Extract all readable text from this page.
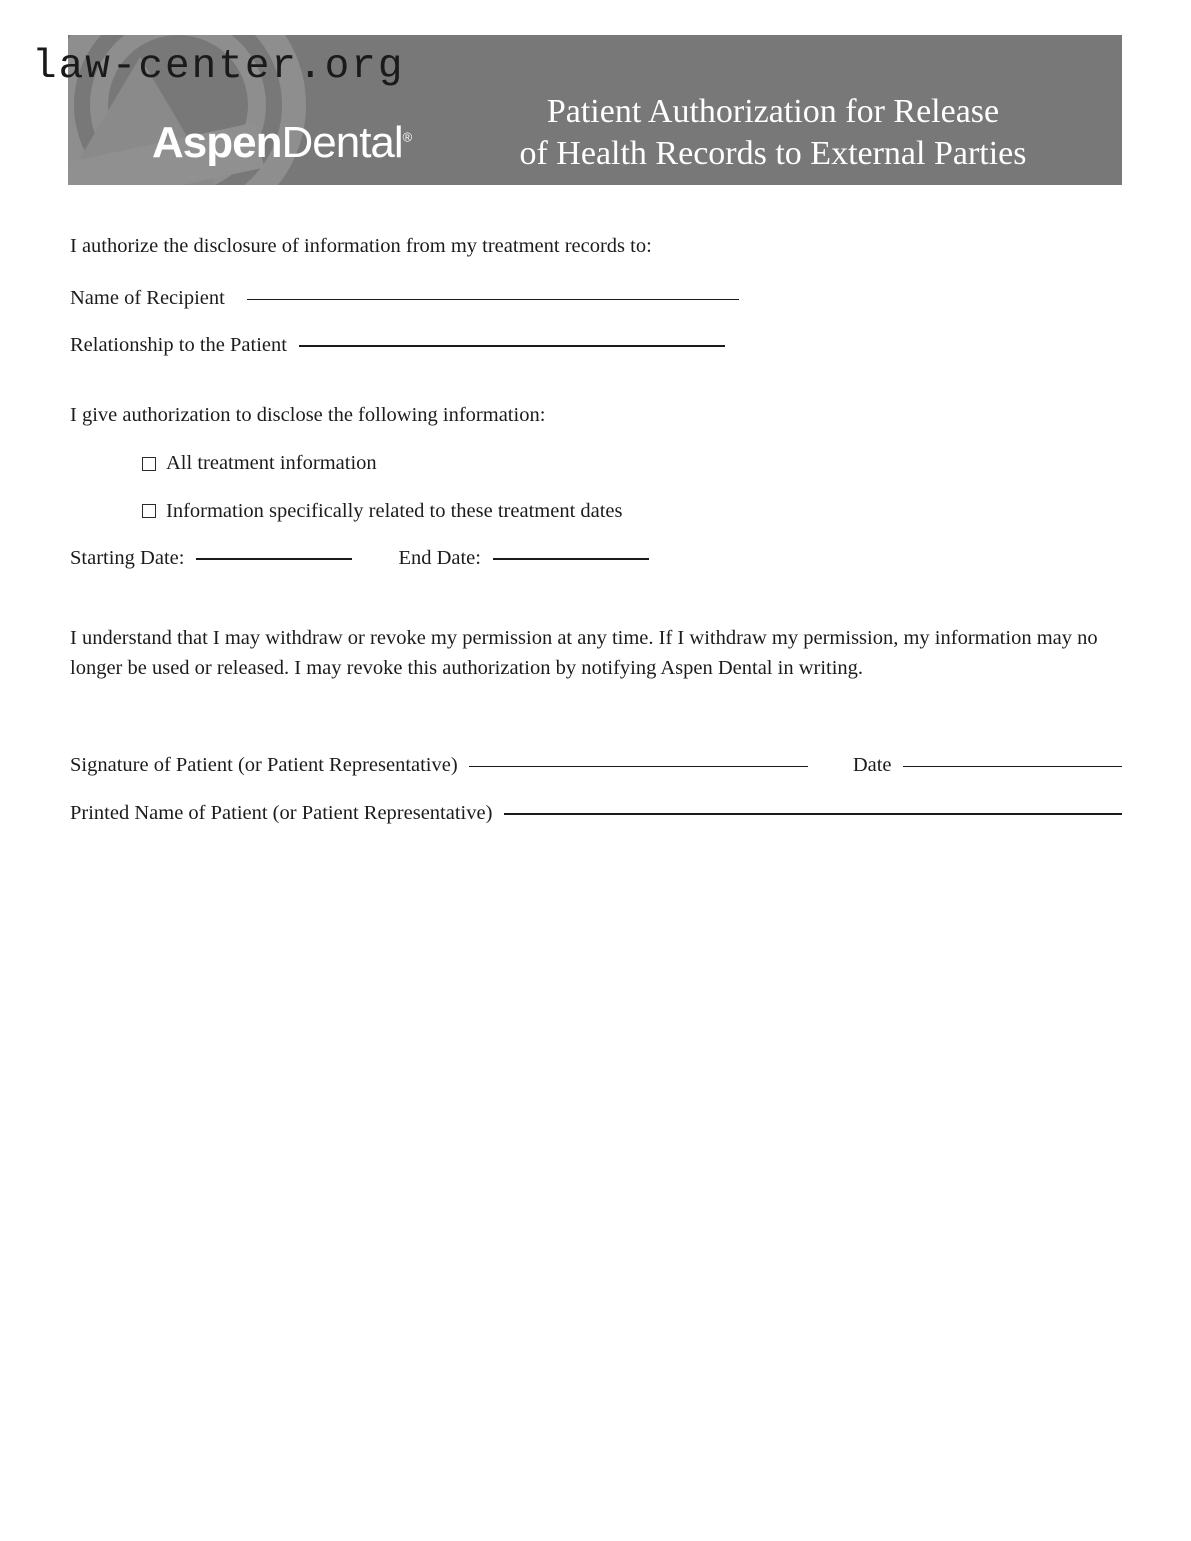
AspenDental®
Patient Authorization for Release
of Health Records to External Parties
law-center.org
I authorize the disclosure of information from my treatment records to:
Name of Recipient
Relationship to the Patient
I give authorization to disclose the following information:
All treatment information
Information specifically related to these treatment dates
Starting Date:	End Date:
I understand that I may withdraw or revoke my permission at any time. If I withdraw my permission, my information may no longer be used or released. I may revoke this authorization by notifying Aspen Dental in writing.
Signature of Patient (or Patient Representative)	Date
Printed Name of Patient (or Patient Representative)
